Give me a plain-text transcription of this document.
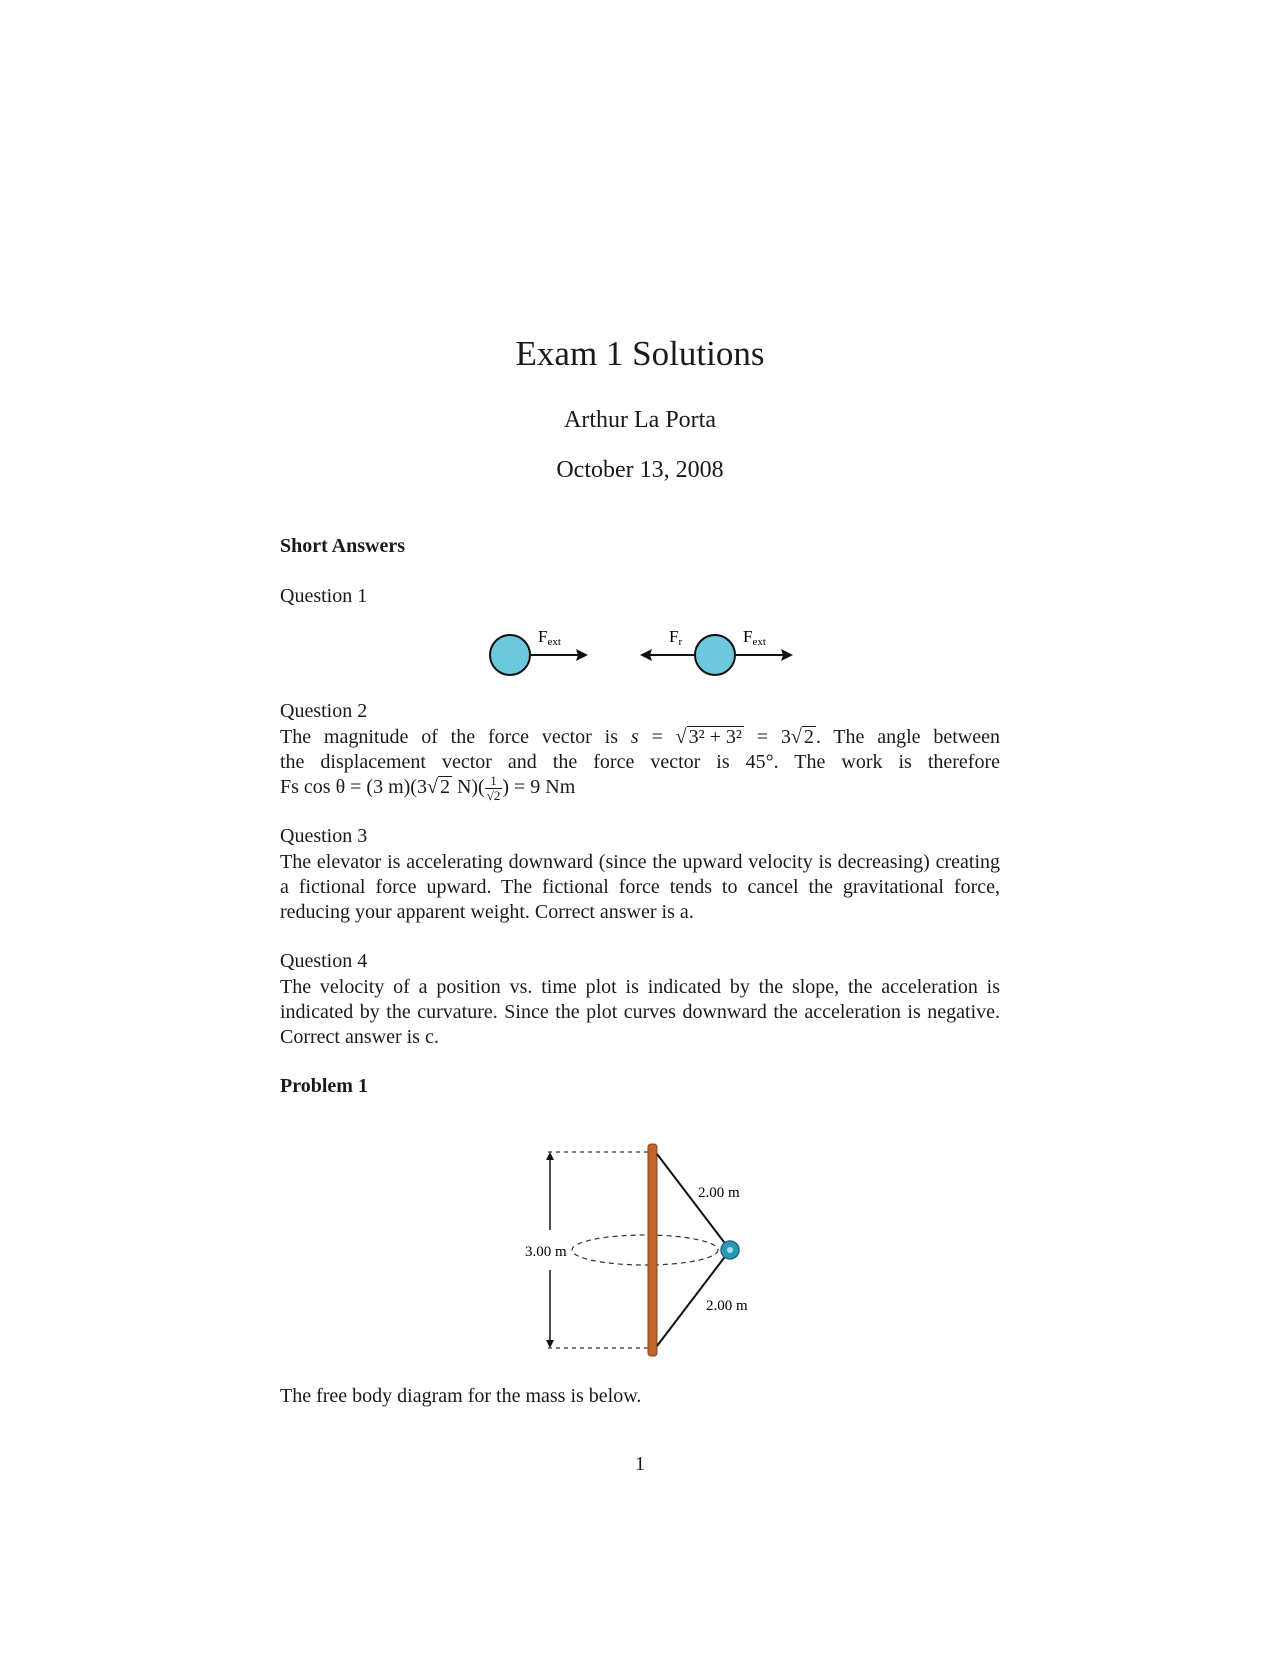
Exam 1 Solutions
Arthur La Porta
October 13, 2008
Short Answers
Question 1
Fext	Fr	Fext
Question 2
The magnitude of the force vector is s = √ 3² + 3² = 3√ 2 . The angle between
the displacement vector and the force vector is 45°. The work is therefore
Fs cos θ = (3 m)(3√ 2 $N)( \frac{1}{√2}$ ) = 9 Nm
Question 3
The elevator is accelerating downward (since the upward velocity is decreasing) creating a fictional force upward. The fictional force tends to cancel the gravitational force, reducing your apparent weight. Correct answer is a.
Question 4
The velocity of a position vs. time plot is indicated by the slope, the acceleration is indicated by the curvature. Since the plot curves downward the acceleration is negative. Correct answer is c.
Problem 1
3.00 m
2.00 m
2.00 m
The free body diagram for the mass is below.
1
